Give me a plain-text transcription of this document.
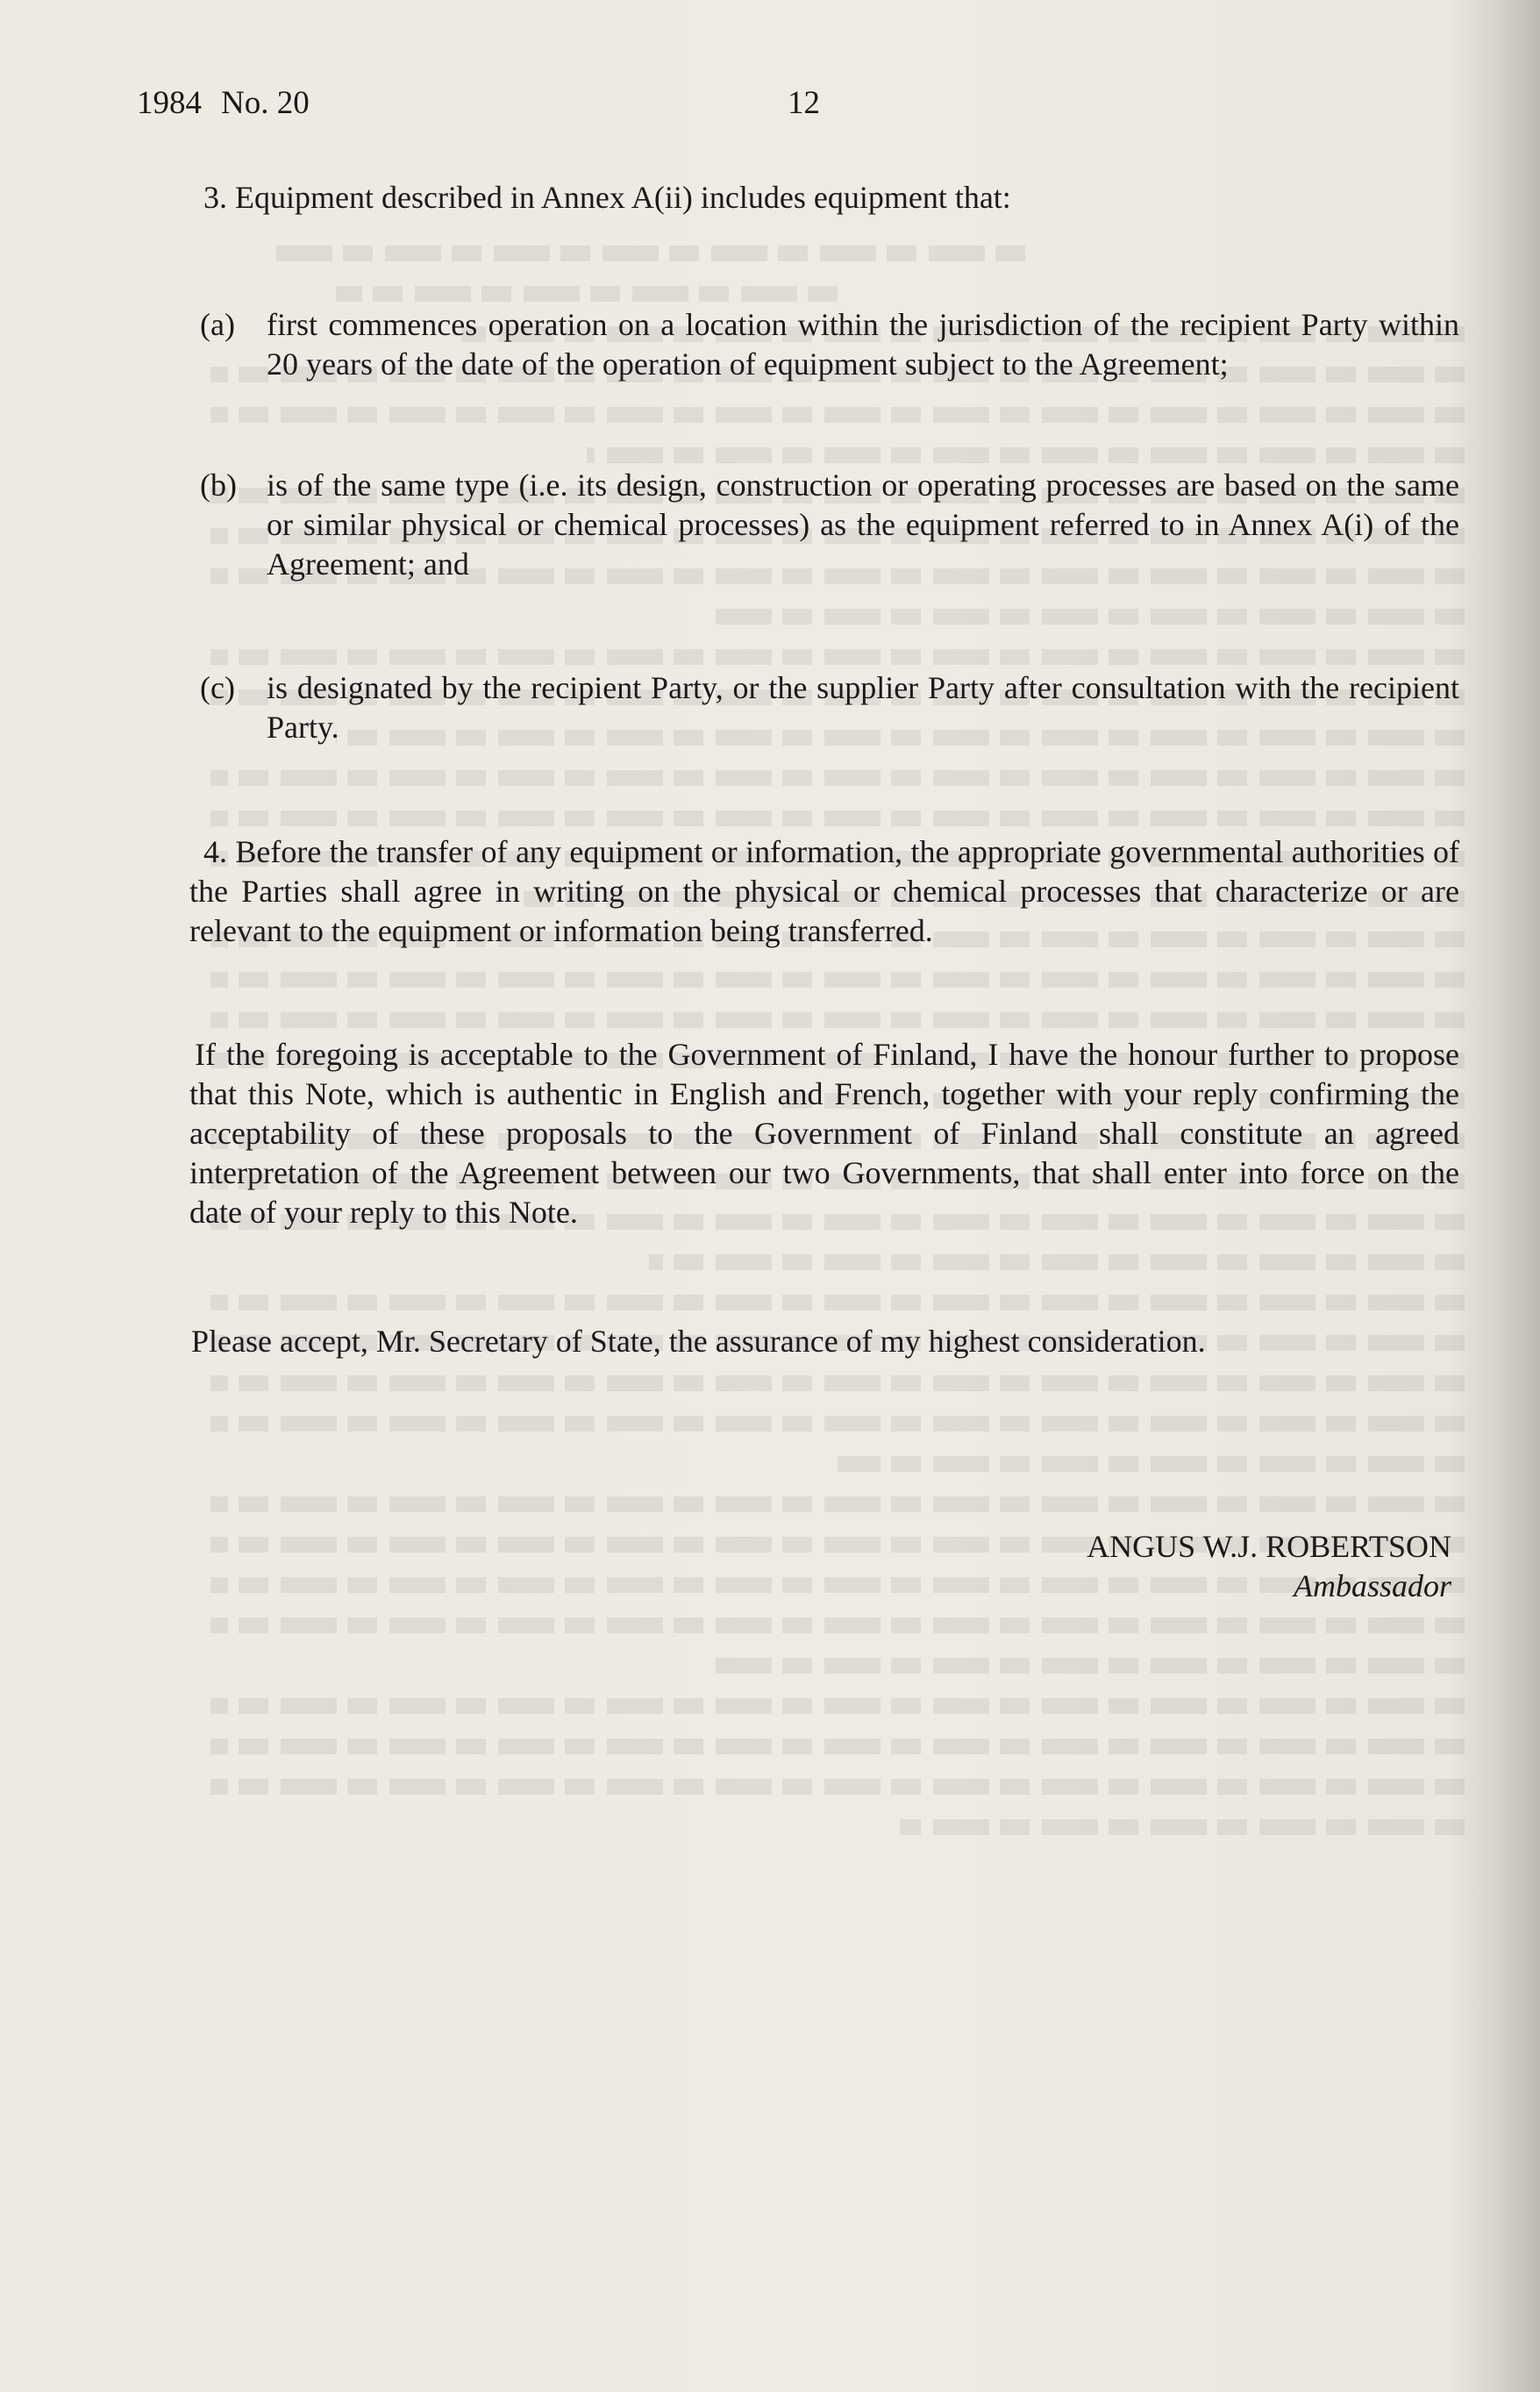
1984 No. 20	12

3. Equipment described in Annex A(ii) includes equipment that:

(a)	first commences operation on a location within the jurisdiction of the recipient Party within 20 years of the date of the operation of equipment subject to the Agreement;
(b) is of the same type (i.e. its design, construction or operating processes are based on the same or similar physical or chemical processes) as the equipment referred to in Annex A(i) of the Agreement; and
(c)	is designated by the recipient Party, or the supplier Party after consultation with the recipient Party.

4. Before the transfer of any equipment or information, the appropriate governmental authorities of the Parties shall agree in writing on the physical or chemical processes that characterize or are relevant to the equipment or information being transferred.

If the foregoing is acceptable to the Government of Finland, I have the honour further to propose that this Note, which is authentic in English and French, together with your reply confirming the acceptability of these proposals to the Government of Finland shall constitute an agreed interpretation of the Agreement between our two Governments, that shall enter into force on the date of your reply to this Note.

Please accept, Mr. Secretary of State, the assurance of my highest consideration.

ANGUS W.J. ROBERTSON
Ambassador
